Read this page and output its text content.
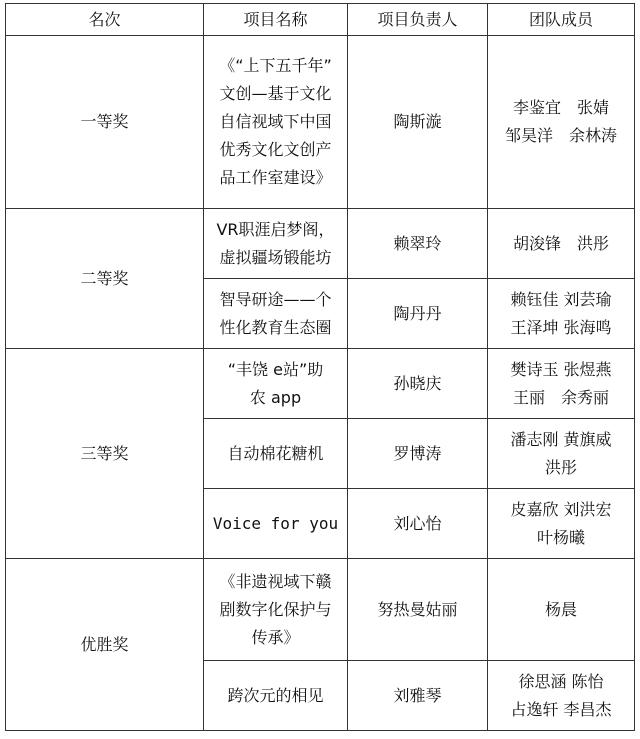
名次	项目名称	项目负责人	团队成员
一等奖	《“上下五千年”
文创—基于文化
自信视域下中国
优秀文化文创产
品工作室建设》	陶斯漩	李鉴宜　张婧
邹昊洋　余林涛
二等奖	VR职涯启梦阁，
虚拟疆场锻能坊	赖翠玲	胡浚锋　洪彤
	智导研途——个
性化教育生态圈	陶丹丹	赖钰佳 刘芸瑜
王泽坤 张海鸣
三等奖	“丰饶 e站”助
农 app	孙晓庆	樊诗玉 张煜燕
王丽　余秀丽
	自动棉花糖机	罗博涛	潘志刚 黄旗威
洪彤
	Voice for you	刘心怡	皮嘉欣 刘洪宏
叶杨曦
优胜奖	《非遗视域下赣
剧数字化保护与
传承》	努热曼姑丽	杨晨
	跨次元的相见	刘雅琴	徐思涵 陈怡
占逸轩 李昌杰
